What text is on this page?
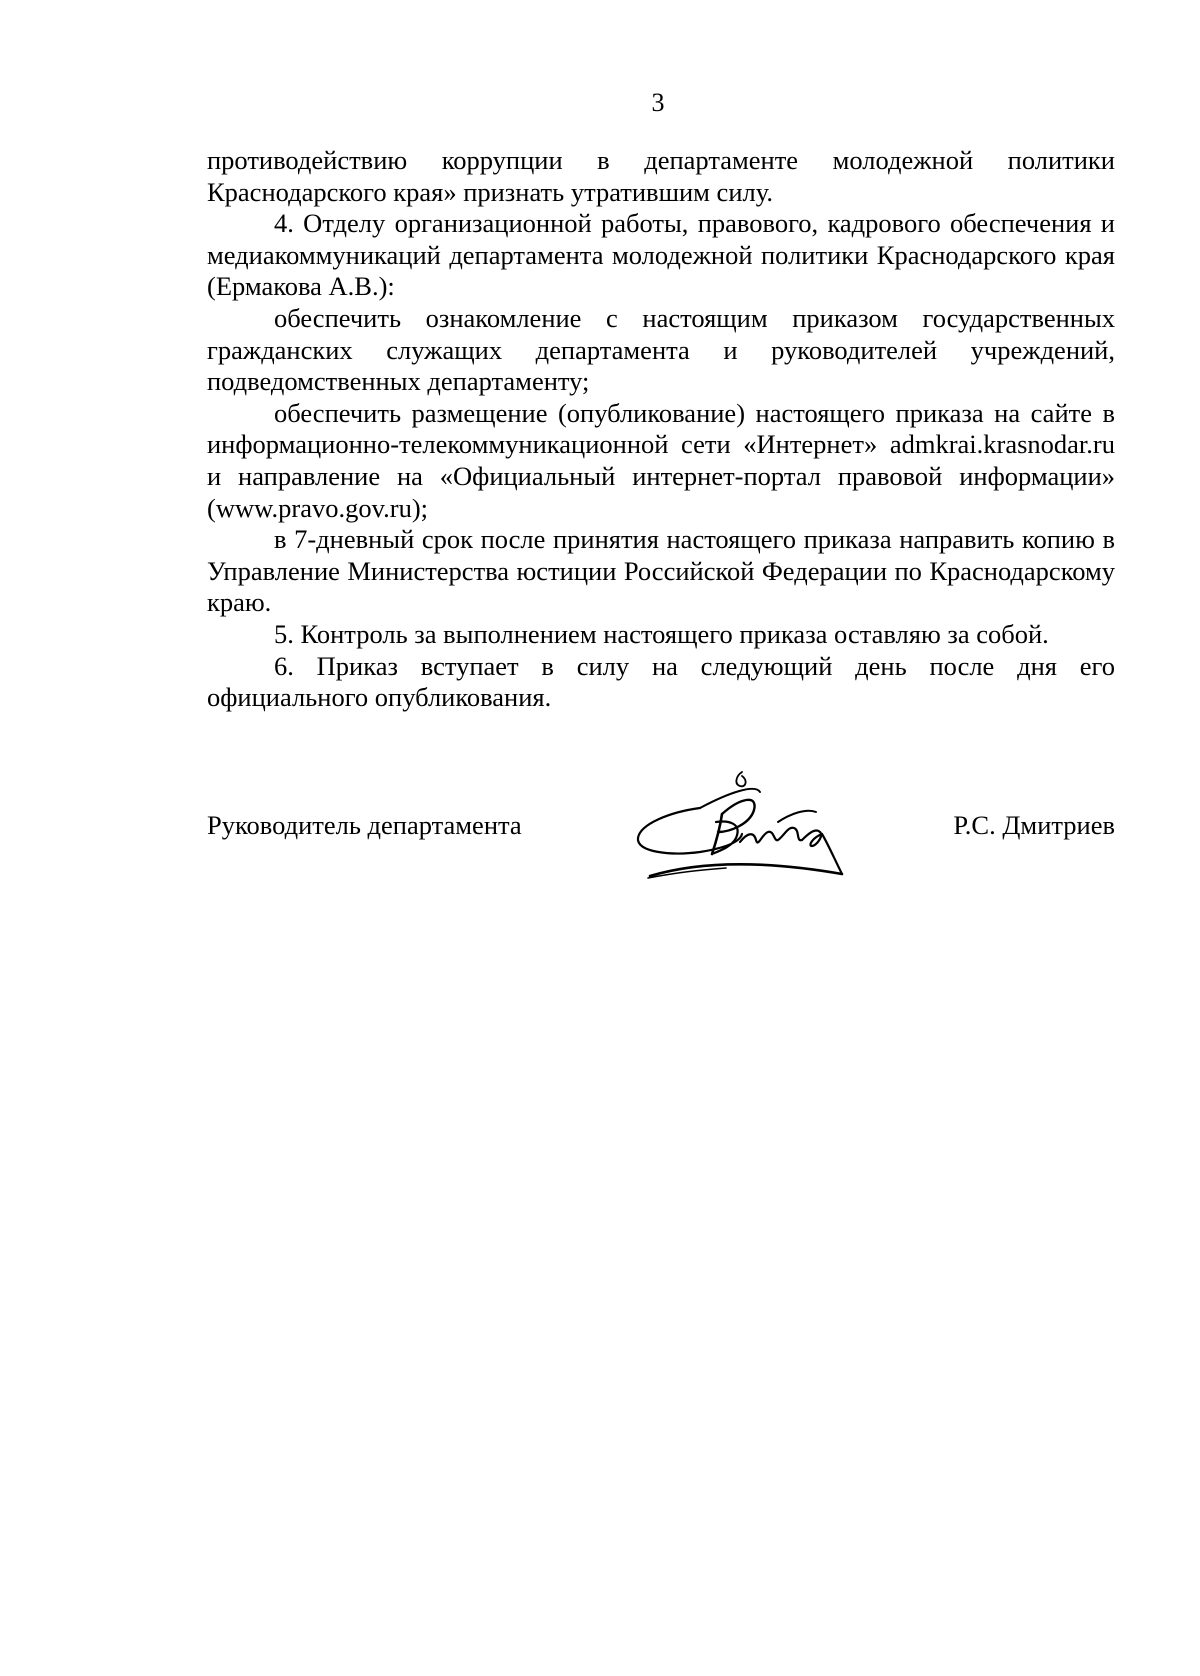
3

противодействию коррупции в департаменте молодежной политики Краснодарского края» признать утратившим силу.

4. Отделу организационной работы, правового, кадрового обеспечения и медиакоммуникаций департамента молодежной политики Краснодарского края (Ермакова А.В.):

обеспечить ознакомление с настоящим приказом государственных гражданских служащих департамента и руководителей учреждений, подведомственных департаменту;

обеспечить размещение (опубликование) настоящего приказа на сайте в информационно-телекоммуникационной сети «Интернет» admkrai.krasnodar.ru и направление на «Официальный интернет-портал правовой информации» (www.pravo.gov.ru);

в 7-дневный срок после принятия настоящего приказа направить копию в Управление Министерства юстиции Российской Федерации по Краснодарскому краю.

5. Контроль за выполнением настоящего приказа оставляю за собой.

6. Приказ вступает в силу на следующий день после дня его официального опубликования.

Руководитель департамента	Р.С. Дмитриев
